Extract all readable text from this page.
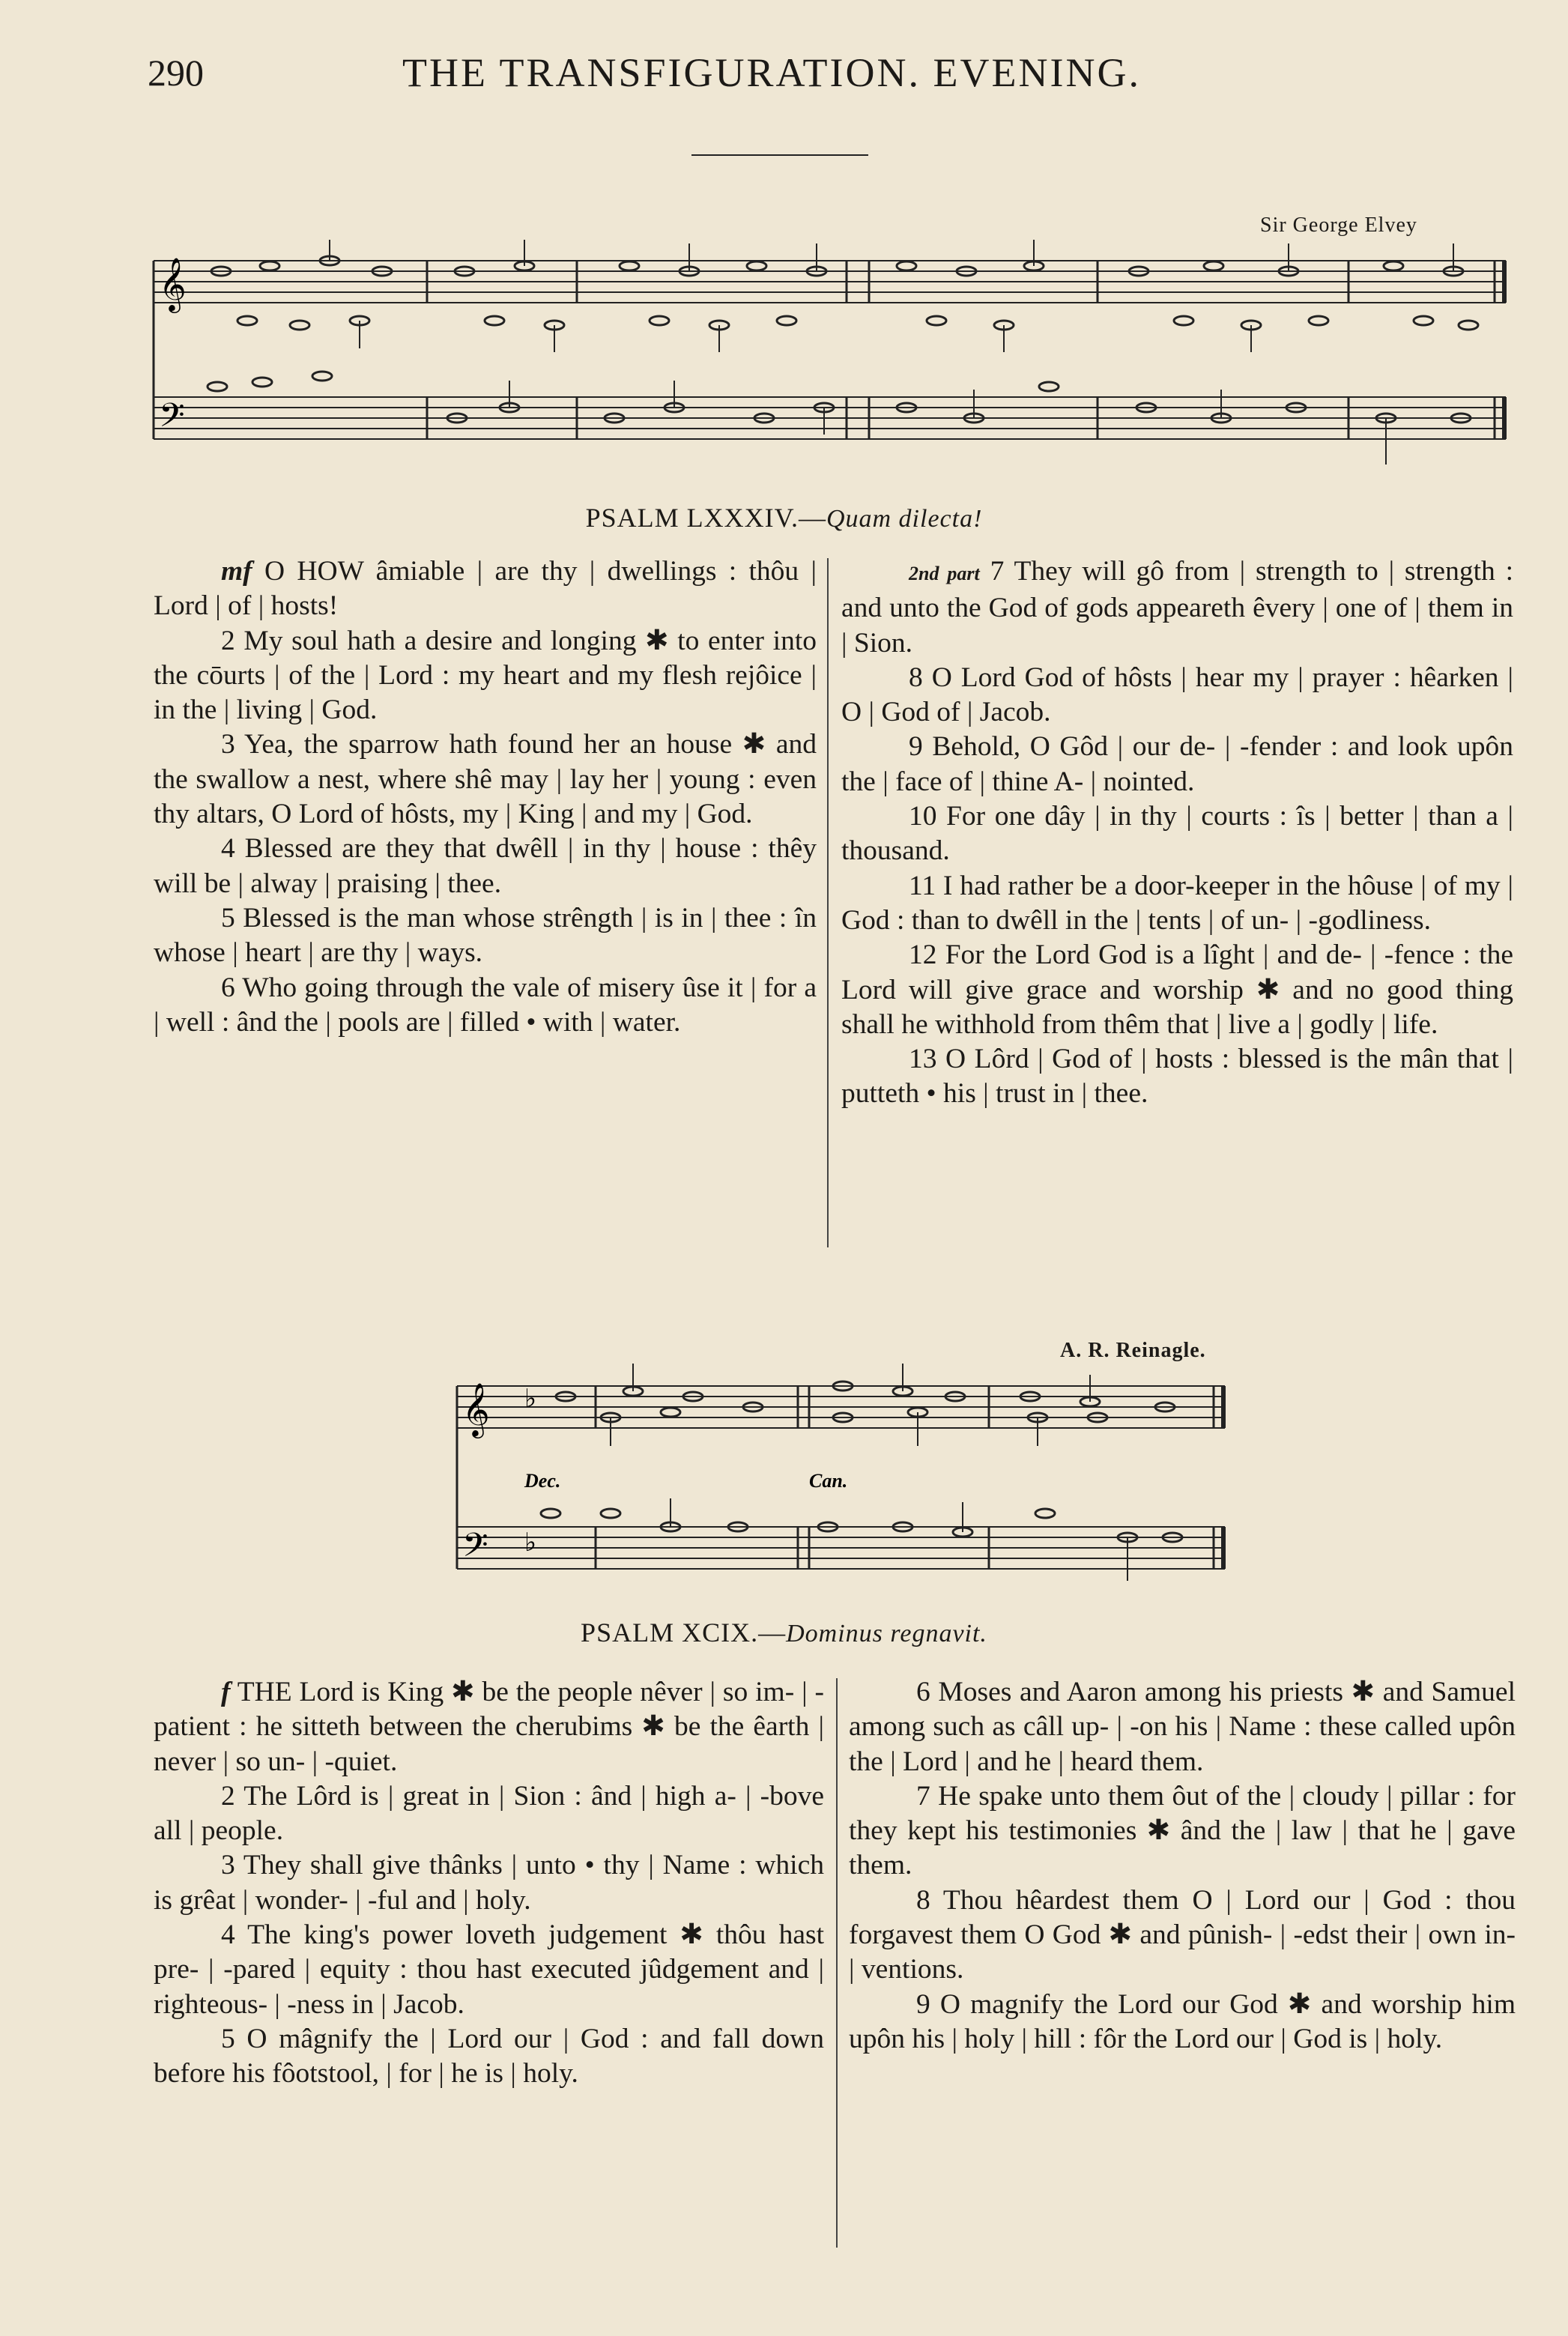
290	THE TRANSFIGURATION. EVENING.
Sir George Elvey
𝄞
𝄢
PSALM LXXXIV.—Quam dilecta!

mf O HOW âmiable | are thy | dwellings : thôu | Lord | of | hosts!

2 My soul hath a desire and longing ✱ to enter into the cōurts | of the | Lord : my heart and my flesh rejôice | in the | living | God.

3 Yea, the sparrow hath found her an house ✱ and the swallow a nest, where shê may | lay her | young : even thy altars, O Lord of hôsts, my | King | and my | God.

4 Blessed are they that dwêll | in thy | house : thêy will be | alway | praising | thee.

5 Blessed is the man whose strêngth | is in | thee : în whose | heart | are thy | ways.

6 Who going through the vale of misery ûse it | for a | well : ând the | pools are | filled • with | water.

2nd part 7 They will gô from | strength to | strength : and unto the God of gods appeareth êvery | one of | them in | Sion.

8 O Lord God of hôsts | hear my | prayer : hêarken | O | God of | Jacob.

9 Behold, O Gôd | our de- | -fender : and look upôn the | face of | thine A- | nointed.

10 For one dây | in thy | courts : îs | better | than a | thousand.

11 I had rather be a door-keeper in the hôuse | of my | God : than to dwêll in the | tents | of un- | -godliness.

12 For the Lord God is a lîght | and de- | -fence : the Lord will give grace and worship ✱ and no good thing shall he withhold from thêm that | live a | godly | life.

13 O Lôrd | God of | hosts : blessed is the mân that | putteth • his | trust in | thee.

A. R. Reinagle.
𝄞
𝄢
♭
♭
Dec.	Can.
PSALM XCIX.—Dominus regnavit.

f THE Lord is King ✱ be the people nêver | so im- | -patient : he sitteth between the cherubims ✱ be the êarth | never | so un- | -quiet.

2 The Lôrd is | great in | Sion : ând | high a- | -bove all | people.

3 They shall give thânks | unto • thy | Name : which is grêat | wonder- | -ful and | holy.

4 The king's power loveth judgement ✱ thôu hast pre- | -pared | equity : thou hast executed jûdgement and | righteous- | -ness in | Jacob.

5 O mâgnify the | Lord our | God : and fall down before his fôotstool, | for | he is | holy.

6 Moses and Aaron among his priests ✱ and Samuel among such as câll up- | -on his | Name : these called upôn the | Lord | and he | heard them.

7 He spake unto them ôut of the | cloudy | pillar : for they kept his testimonies ✱ ând the | law | that he | gave them.

8 Thou hêardest them O | Lord our | God : thou forgavest them O God ✱ and pûnish- | -edst their | own in- | ventions.

9 O magnify the Lord our God ✱ and worship him upôn his | holy | hill : fôr the Lord our | God is | holy.
